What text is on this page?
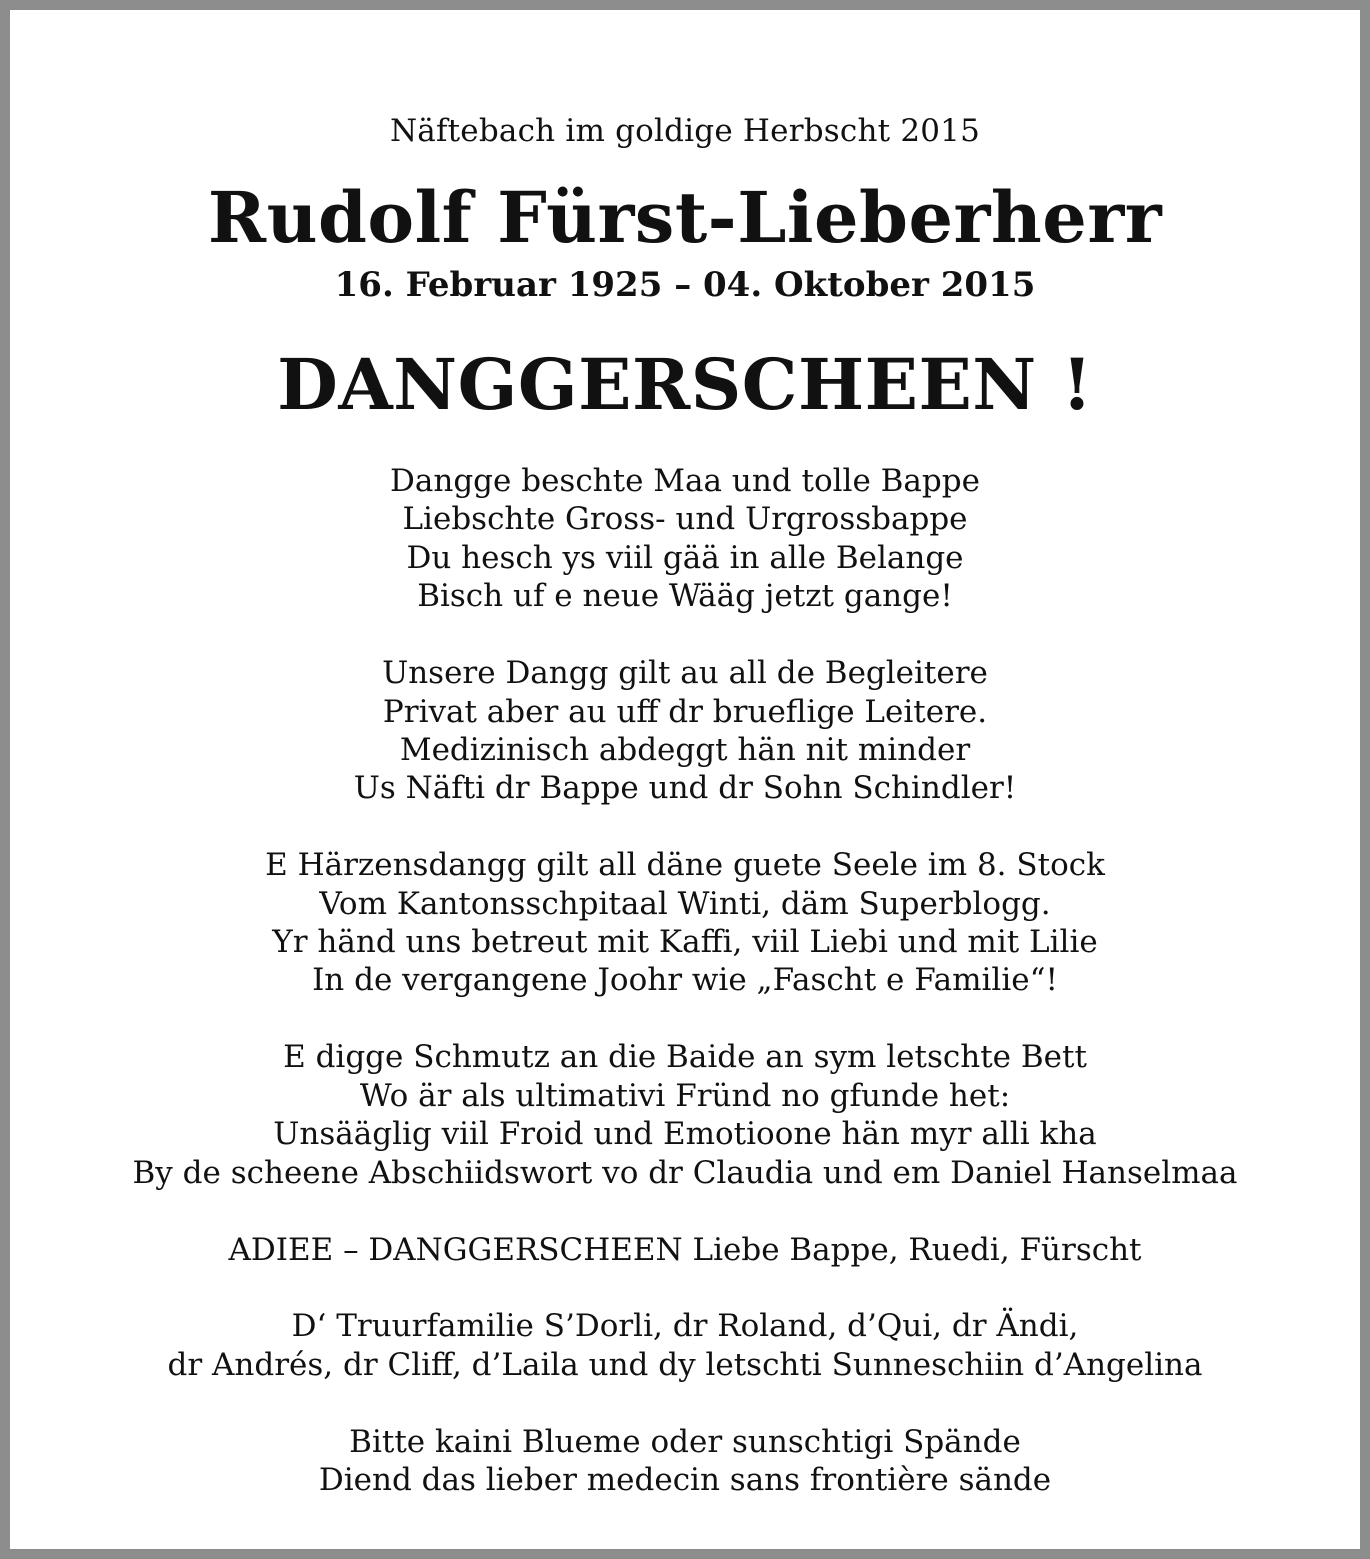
Näftebach im goldige Herbscht 2015
Rudolf Fürst-Lieberherr
16. Februar 1925 – 04. Oktober 2015
DANGGERSCHEEN !
Dangge beschte Maa und tolle Bappe
Liebschte Gross- und Urgrossbappe
Du hesch ys viil gää in alle Belange
Bisch uf e neue Wääg jetzt gange!
Unsere Dangg gilt au all de Begleitere
Privat aber au uff dr brueflige Leitere.
Medizinisch abdeggt hän nit minder
Us Näfti dr Bappe und dr Sohn Schindler!
E Härzensdangg gilt all däne guete Seele im 8. Stock
Vom Kantonsschpitaal Winti, däm Superblogg.
Yr händ uns betreut mit Kaffi, viil Liebi und mit Lilie
In de vergangene Joohr wie „Fascht e Familie“!
E digge Schmutz an die Baide an sym letschte Bett
Wo är als ultimativi Fründ no gfunde het:
Unsääglig viil Froid und Emotioone hän myr alli kha
By de scheene Abschiidswort vo dr Claudia und em Daniel Hanselmaa
ADIEE – DANGGERSCHEEN Liebe Bappe, Ruedi, Fürscht
D‘ Truurfamilie S’Dorli, dr Roland, d’Qui, dr Ändi,
dr Andrés, dr Cliff, d’Laila und dy letschti Sunneschiin d’Angelina
Bitte kaini Blueme oder sunschtigi Spände
Diend das lieber medecin sans frontière sände
